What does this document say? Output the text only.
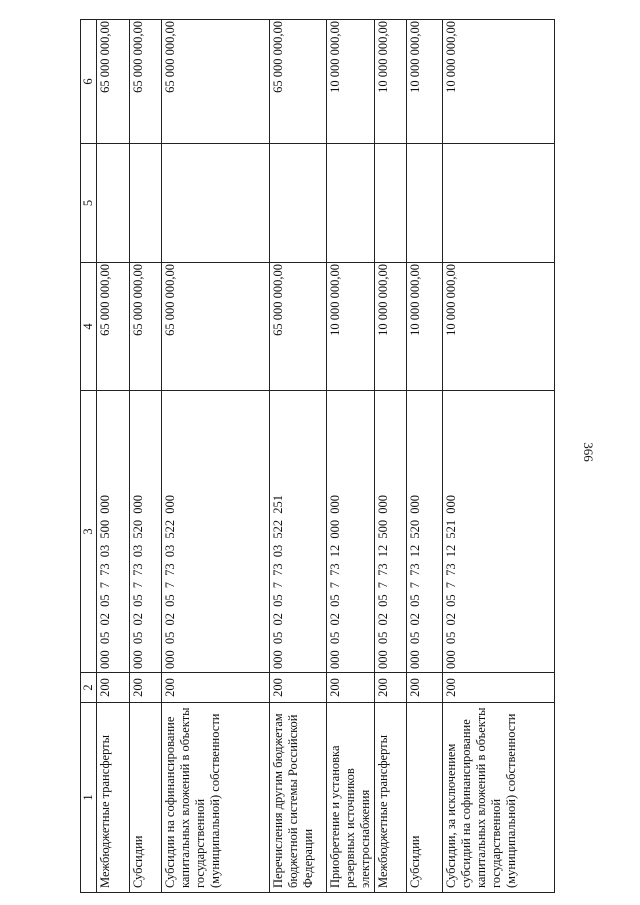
366
1	2	3	4	5	6
Межбюджетные трансферты	200	000 05 02 05 7 73 03 500 000	65 000 000,00		65 000 000,00
Субсидии	200	000 05 02 05 7 73 03 520 000	65 000 000,00		65 000 000,00
Субсидии на софинансирование капитальных вложений в объекты государственной (муниципальной) собственности	200	000 05 02 05 7 73 03 522 000	65 000 000,00		65 000 000,00
Перечисления другим бюджетам бюджетной системы Российской Федерации	200	000 05 02 05 7 73 03 522 251	65 000 000,00		65 000 000,00
Приобретение и установка резервных источников электроснабжения	200	000 05 02 05 7 73 12 000 000	10 000 000,00		10 000 000,00
Межбюджетные трансферты	200	000 05 02 05 7 73 12 500 000	10 000 000,00		10 000 000,00
Субсидии	200	000 05 02 05 7 73 12 520 000	10 000 000,00		10 000 000,00
Субсидии, за исключением субсидий на софинансирование капитальных вложений в объекты государственной (муниципальной) собственности	200	000 05 02 05 7 73 12 521 000	10 000 000,00		10 000 000,00
